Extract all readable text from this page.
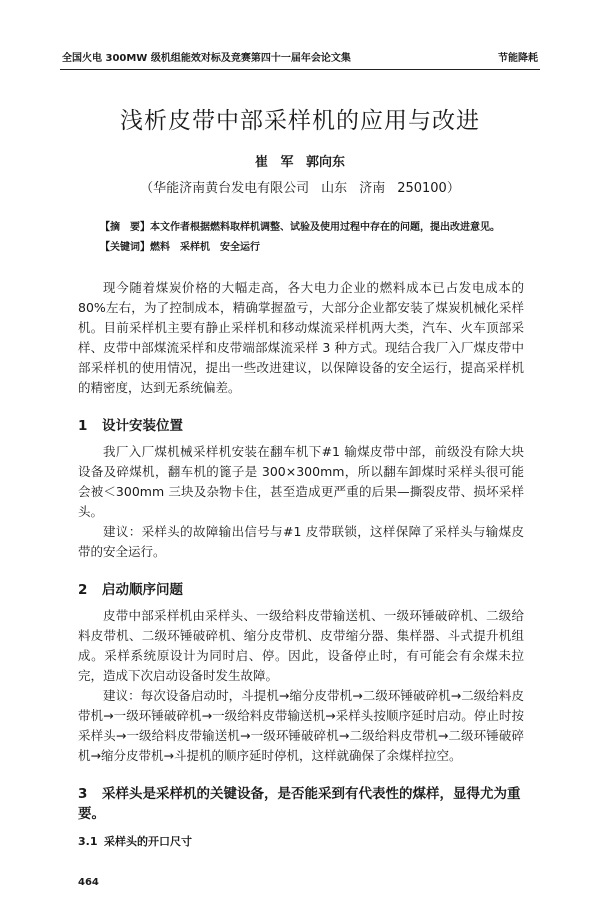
全国火电 300MW 级机组能效对标及竞赛第四十一届年会论文集	节能降耗
浅析皮带中部采样机的应用与改进
崔 军 郭向东
（华能济南黄台发电有限公司 山东 济南 250100）
【摘　要】本文作者根据燃料取样机调整、试验及使用过程中存在的问题，提出改进意见。
【关键词】燃料　采样机　安全运行

现今随着煤炭价格的大幅走高，各大电力企业的燃料成本已占发电成本的 80%左右，为了控制成本，精确掌握盈亏，大部分企业都安装了煤炭机械化采样机。目前采样机主要有静止采样机和移动煤流采样机两大类，汽车、火车顶部采样、皮带中部煤流采样和皮带端部煤流采样 3 种方式。现结合我厂入厂煤皮带中部采样机的使用情况，提出一些改进建议，以保障设备的安全运行，提高采样机的精密度，达到无系统偏差。

1 设计安装位置

我厂入厂煤机械采样机安装在翻车机下#1 输煤皮带中部，前级没有除大块设备及碎煤机，翻车机的篦子是 300×300mm，所以翻车卸煤时采样头很可能会被＜300mm 三块及杂物卡住，甚至造成更严重的后果—撕裂皮带、损坏采样头。

建议：采样头的故障输出信号与#1 皮带联锁，这样保障了采样头与输煤皮带的安全运行。

2 启动顺序问题

皮带中部采样机由采样头、一级给料皮带输送机、一级环锤破碎机、二级给料皮带机、二级环锤破碎机、缩分皮带机、皮带缩分器、集样器、斗式提升机组成。采样系统原设计为同时启、停。因此，设备停止时，有可能会有余煤未拉完，造成下次启动设备时发生故障。

建议：每次设备启动时，斗提机→缩分皮带机→二级环锤破碎机→二级给料皮带机→一级环锤破碎机→一级给料皮带输送机→采样头按顺序延时启动。停止时按采样头→一级给料皮带输送机→一级环锤破碎机→二级给料皮带机→二级环锤破碎机→缩分皮带机→斗提机的顺序延时停机，这样就确保了余煤样拉空。

3 采样头是采样机的关键设备，是否能采到有代表性的煤样，显得尤为重要。
3.1 采样头的开口尺寸
464
